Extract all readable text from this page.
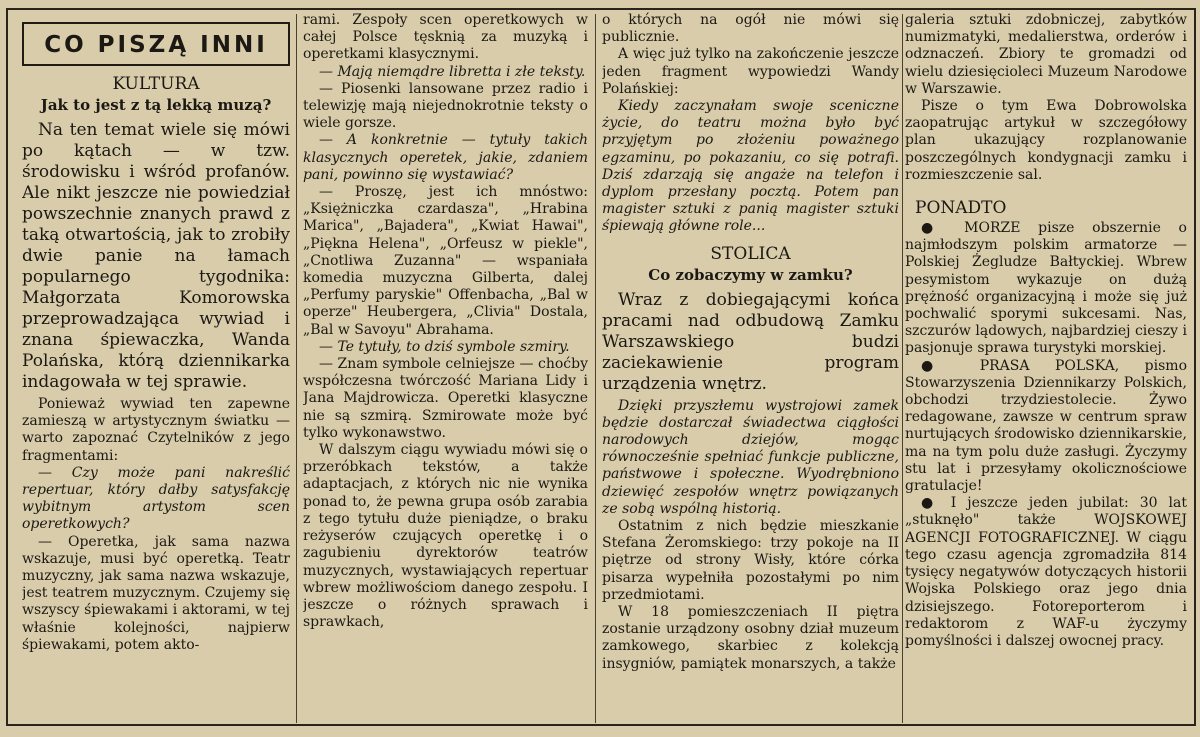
CO PISZĄ INNI
KULTURA
Jak to jest z tą lekką muzą?

Na ten temat wiele się mówi po kątach — w tzw. środowisku i wśród profanów. Ale nikt jeszcze nie powiedział powszechnie znanych prawd z taką otwartością, jak to zrobiły dwie panie na łamach popularnego tygodnika: Małgorzata Komorowska przeprowadzająca wywiad i znana śpiewaczka, Wanda Polańska, którą dziennikarka indagowała w tej sprawie.

Ponieważ wywiad ten zapewne zamieszą w artystycznym światku — warto zapoznać Czytelników z jego fragmentami:

— Czy może pani nakreślić repertuar, który dałby satysfakcję wybitnym artystom scen operetkowych?

— Operetka, jak sama nazwa wskazuje, musi być operetką. Teatr muzyczny, jak sama nazwa wskazuje, jest teatrem muzycznym. Czujemy się wszyscy śpiewakami i aktorami, w tej właśnie kolejności, najpierw śpiewakami, potem akto-

rami. Zespoły scen operetkowych w całej Polsce tęsknią za muzyką i operetkami klasycznymi.

— Mają niemądre libretta i złe teksty.

— Piosenki lansowane przez radio i telewizję mają niejednokrotnie teksty o wiele gorsze.

— A konkretnie — tytuły takich klasycznych operetek, jakie, zdaniem pani, powinno się wystawiać?

— Proszę, jest ich mnóstwo: „Księżniczka czardasza", „Hrabina Marica", „Bajadera", „Kwiat Hawai", „Piękna Helena", „Orfeusz w piekle", „Cnotliwa Zuzanna" — wspaniała komedia muzyczna Gilberta, dalej „Perfumy paryskie" Offenbacha, „Bal w operze" Heubergera, „Clivia" Dostala, „Bal w Savoyu" Abrahama.

— Te tytuły, to dziś symbole szmiry.

— Znam symbole celniejsze — choćby współczesna twórczość Mariana Lidy i Jana Majdrowicza. Operetki klasyczne nie są szmirą. Szmirowate może być tylko wykonawstwo.

W dalszym ciągu wywiadu mówi się o przeróbkach tekstów, a także adaptacjach, z których nic nie wynika ponad to, że pewna grupa osób zarabia z tego tytułu duże pieniądze, o braku reżyserów czujących operetkę i o zagubieniu dyrektorów teatrów muzycznych, wystawiających repertuar wbrew możliwościom danego zespołu. I jeszcze o różnych sprawach i sprawkach,

o których na ogół nie mówi się publicznie.

A więc już tylko na zakończenie jeszcze jeden fragment wypowiedzi Wandy Polańskiej:

Kiedy zaczynałam swoje sceniczne życie, do teatru można było być przyjętym po złożeniu poważnego egzaminu, po pokazaniu, co się potrafi. Dziś zdarzają się angaże na telefon i dyplom przesłany pocztą. Potem pan magister sztuki z panią magister sztuki śpiewają główne role...

STOLICA
Co zobaczymy w zamku?

Wraz z dobiegającymi końca pracami nad odbudową Zamku Warszawskiego budzi zaciekawienie program urządzenia wnętrz.

Dzięki przyszłemu wystrojowi zamek będzie dostarczał świadectwa ciągłości narodowych dziejów, mogąc równocześnie spełniać funkcje publiczne, państwowe i społeczne. Wyodrębniono dziewięć zespołów wnętrz powiązanych ze sobą wspólną historią.

Ostatnim z nich będzie mieszkanie Stefana Żeromskiego: trzy pokoje na II piętrze od strony Wisły, które córka pisarza wypełniła pozostałymi po nim przedmiotami.

W 18 pomieszczeniach II piętra zostanie urządzony osobny dział muzeum zamkowego, skarbiec z kolekcją insygniów, pamiątek monarszych, a także

galeria sztuki zdobniczej, zabytków numizmatyki, medalierstwa, orderów i odznaczeń. Zbiory te gromadzi od wielu dziesięcioleci Muzeum Narodowe w Warszawie.

Pisze o tym Ewa Dobrowolska zaopatrując artykuł w szczegółowy plan ukazujący rozplanowanie poszczególnych kondygnacji zamku i rozmieszczenie sal.

PONADTO

● MORZE pisze obszernie o najmłodszym polskim armatorze — Polskiej Żegludze Bałtyckiej. Wbrew pesymistom wykazuje on dużą prężność organizacyjną i może się już pochwalić sporymi sukcesami. Nas, szczurów lądowych, najbardziej cieszy i pasjonuje sprawa turystyki morskiej.

● PRASA POLSKA, pismo Stowarzyszenia Dziennikarzy Polskich, obchodzi trzydziestolecie. Żywo redagowane, zawsze w centrum spraw nurtujących środowisko dziennikarskie, ma na tym polu duże zasługi. Życzymy stu lat i przesyłamy okolicznościowe gratulacje!

● I jeszcze jeden jubilat: 30 lat „stuknęło" także WOJSKOWEJ AGENCJI FOTOGRAFICZNEJ. W ciągu tego czasu agencja zgromadziła 814 tysięcy negatywów dotyczących historii Wojska Polskiego oraz jego dnia dzisiejszego. Fotoreporterom i redaktorom z WAF-u życzymy pomyślności i dalszej owocnej pracy.
